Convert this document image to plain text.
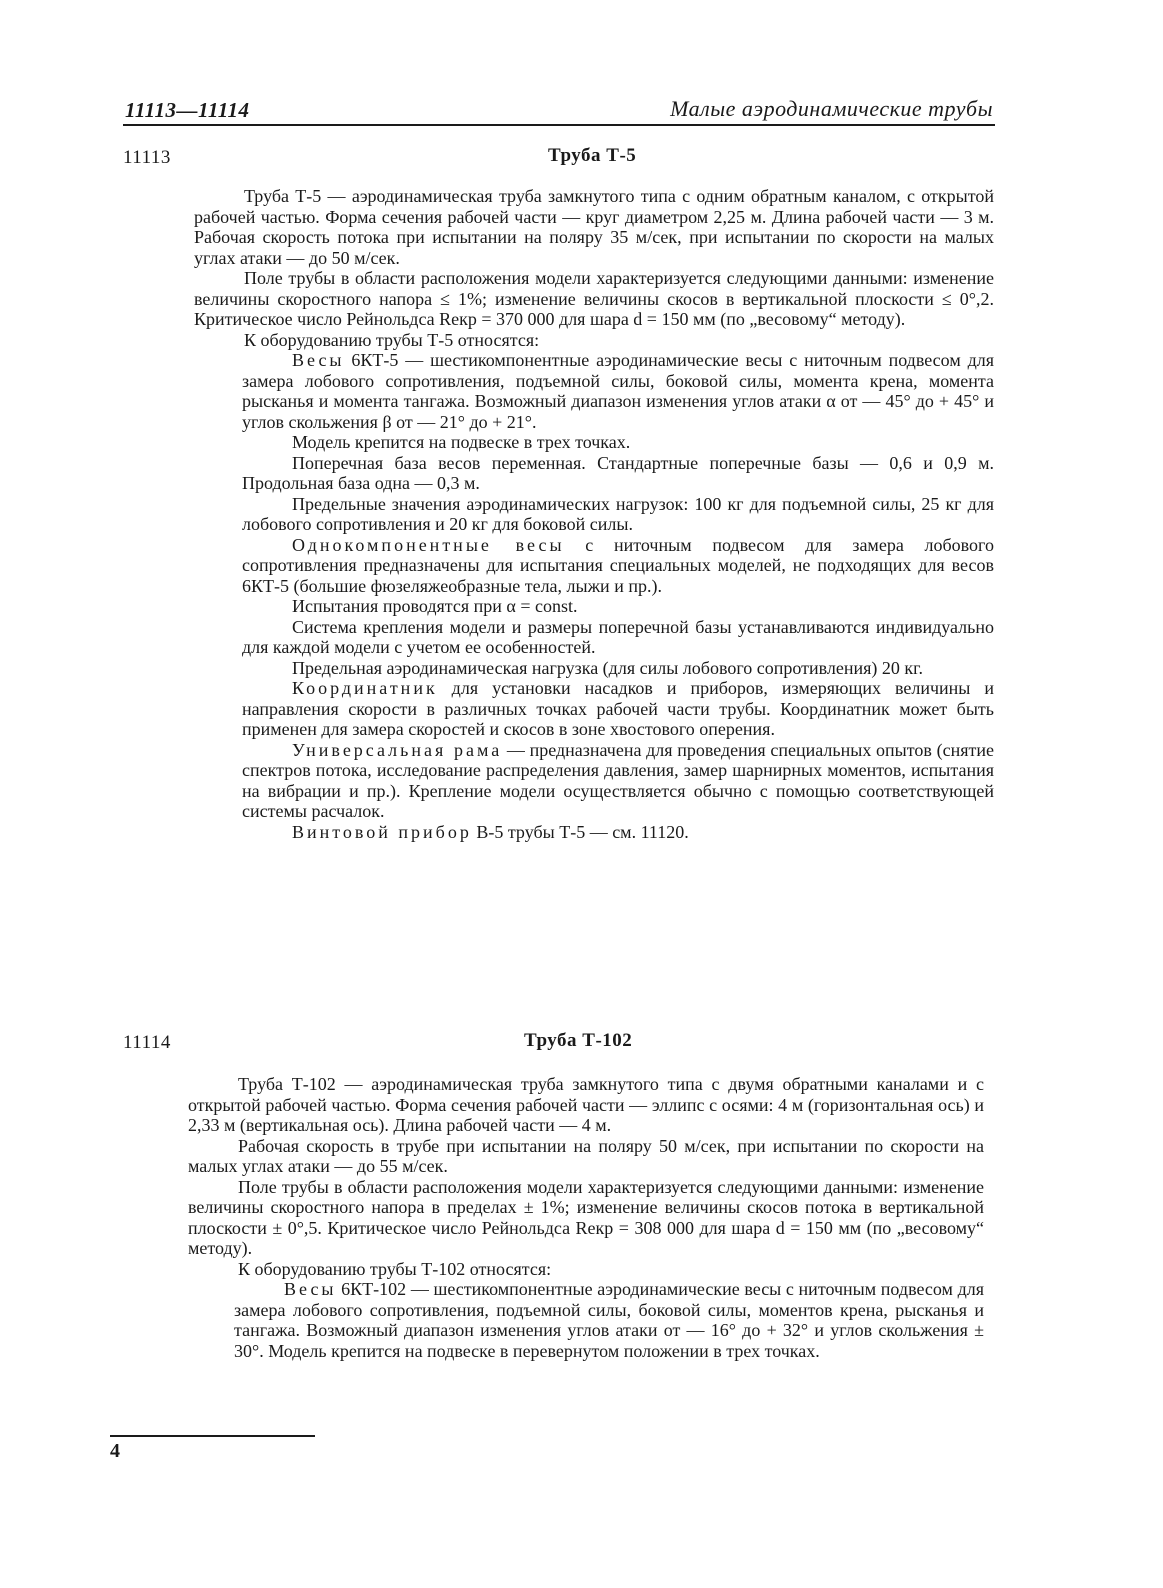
11113—11114	Малые аэродинамические трубы
11113	Труба Т-5

Труба Т-5 — аэродинамическая труба замкнутого типа с одним обратным каналом, с открытой рабочей частью. Форма сечения рабочей части — круг диаметром 2,25 м. Длина рабочей части — 3 м. Рабочая скорость потока при испытании на поляру 35 м/сек, при испытании по скорости на малых углах атаки — до 50 м/сек.

Поле трубы в области расположения модели характеризуется следующими данными: изменение величины скоростного напора ≤ 1%; изменение величины скосов в вертикальной плоскости ≤ 0°,2. Критическое число Рейнольдса Reкр = 370 000 для шара d = 150 мм (по „весовому“ методу).

К оборудованию трубы Т-5 относятся:

Весы 6КТ-5 — шестикомпонентные аэродинамические весы с ниточным подвесом для замера лобового сопротивления, подъемной силы, боковой силы, момента крена, момента рысканья и момента тангажа. Возможный диапазон изменения углов атаки α от — 45° до + 45° и углов скольжения β от — 21° до + 21°.

Модель крепится на подвеске в трех точках.

Поперечная база весов переменная. Стандартные поперечные базы — 0,6 и 0,9 м. Продольная база одна — 0,3 м.

Предельные значения аэродинамических нагрузок: 100 кг для подъемной силы, 25 кг для лобового сопротивления и 20 кг для боковой силы.

Однокомпонентные весы с ниточным подвесом для замера лобового сопротивления предназначены для испытания специальных моделей, не подходящих для весов 6КТ-5 (большие фюзеляжеобразные тела, лыжи и пр.).

Испытания проводятся при α = const.

Система крепления модели и размеры поперечной базы устанавливаются индивидуально для каждой модели с учетом ее особенностей.

Предельная аэродинамическая нагрузка (для силы лобового сопротивления) 20 кг.

Координатник для установки насадков и приборов, измеряющих величины и направления скорости в различных точках рабочей части трубы. Координатник может быть применен для замера скоростей и скосов в зоне хвостового оперения.

Универсальная рама — предназначена для проведения специальных опытов (снятие спектров потока, исследование распределения давления, замер шарнирных моментов, испытания на вибрации и пр.). Крепление модели осуществляется обычно с помощью соответствующей системы расчалок.

Винтовой прибор В-5 трубы Т-5 — см. 11120.

11114	Труба Т-102

Труба Т-102 — аэродинамическая труба замкнутого типа с двумя обратными каналами и с открытой рабочей частью. Форма сечения рабочей части — эллипс с осями: 4 м (горизонтальная ось) и 2,33 м (вертикальная ось). Длина рабочей части — 4 м.

Рабочая скорость в трубе при испытании на поляру 50 м/сек, при испытании по скорости на малых углах атаки — до 55 м/сек.

Поле трубы в области расположения модели характеризуется следующими данными: изменение величины скоростного напора в пределах ± 1%; изменение величины скосов потока в вертикальной плоскости ± 0°,5. Критическое число Рейнольдса Reкр = 308 000 для шара d = 150 мм (по „весовому“ методу).

К оборудованию трубы Т-102 относятся:

Весы 6КТ-102 — шестикомпонентные аэродинамические весы с ниточным подвесом для замера лобового сопротивления, подъемной силы, боковой силы, моментов крена, рысканья и тангажа. Возможный диапазон изменения углов атаки от — 16° до + 32° и углов скольжения ± 30°. Модель крепится на подвеске в перевернутом положении в трех точках.

4
